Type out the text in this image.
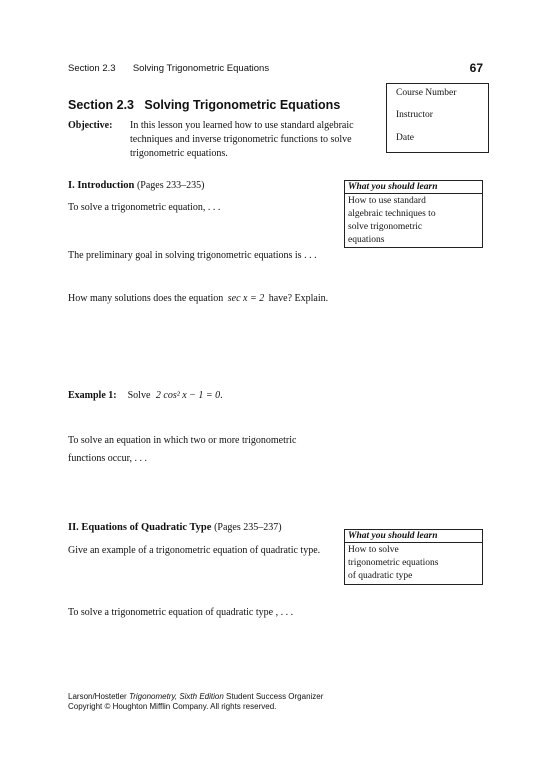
Section 2.3 Solving Trigonometric Equations	67
Course Number
Instructor
Date
Section 2.3   Solving Trigonometric Equations
Objective: In this lesson you learned how to use standard algebraic
techniques and inverse trigonometric functions to solve
trigonometric equations.
I. Introduction (Pages 233–235)	What you should learn
How to use standard
algebraic techniques to
solve trigonometric
equations
To solve a trigonometric equation, . . .
The preliminary goal in solving trigonometric equations is . . .
How many solutions does the equation sec x = 2 have? Explain.
Example 1: Solve 2 cos² x − 1 = 0.
To solve an equation in which two or more trigonometric
functions occur, . . .
II. Equations of Quadratic Type (Pages 235–237)
What you should learn
How to solve
trigonometric equations
of quadratic type
Give an example of a trigonometric equation of quadratic type.
To solve a trigonometric equation of quadratic type , . . .
Larson/Hostetler Trigonometry, Sixth Edition Student Success Organizer
Copyright © Houghton Mifflin Company. All rights reserved.
